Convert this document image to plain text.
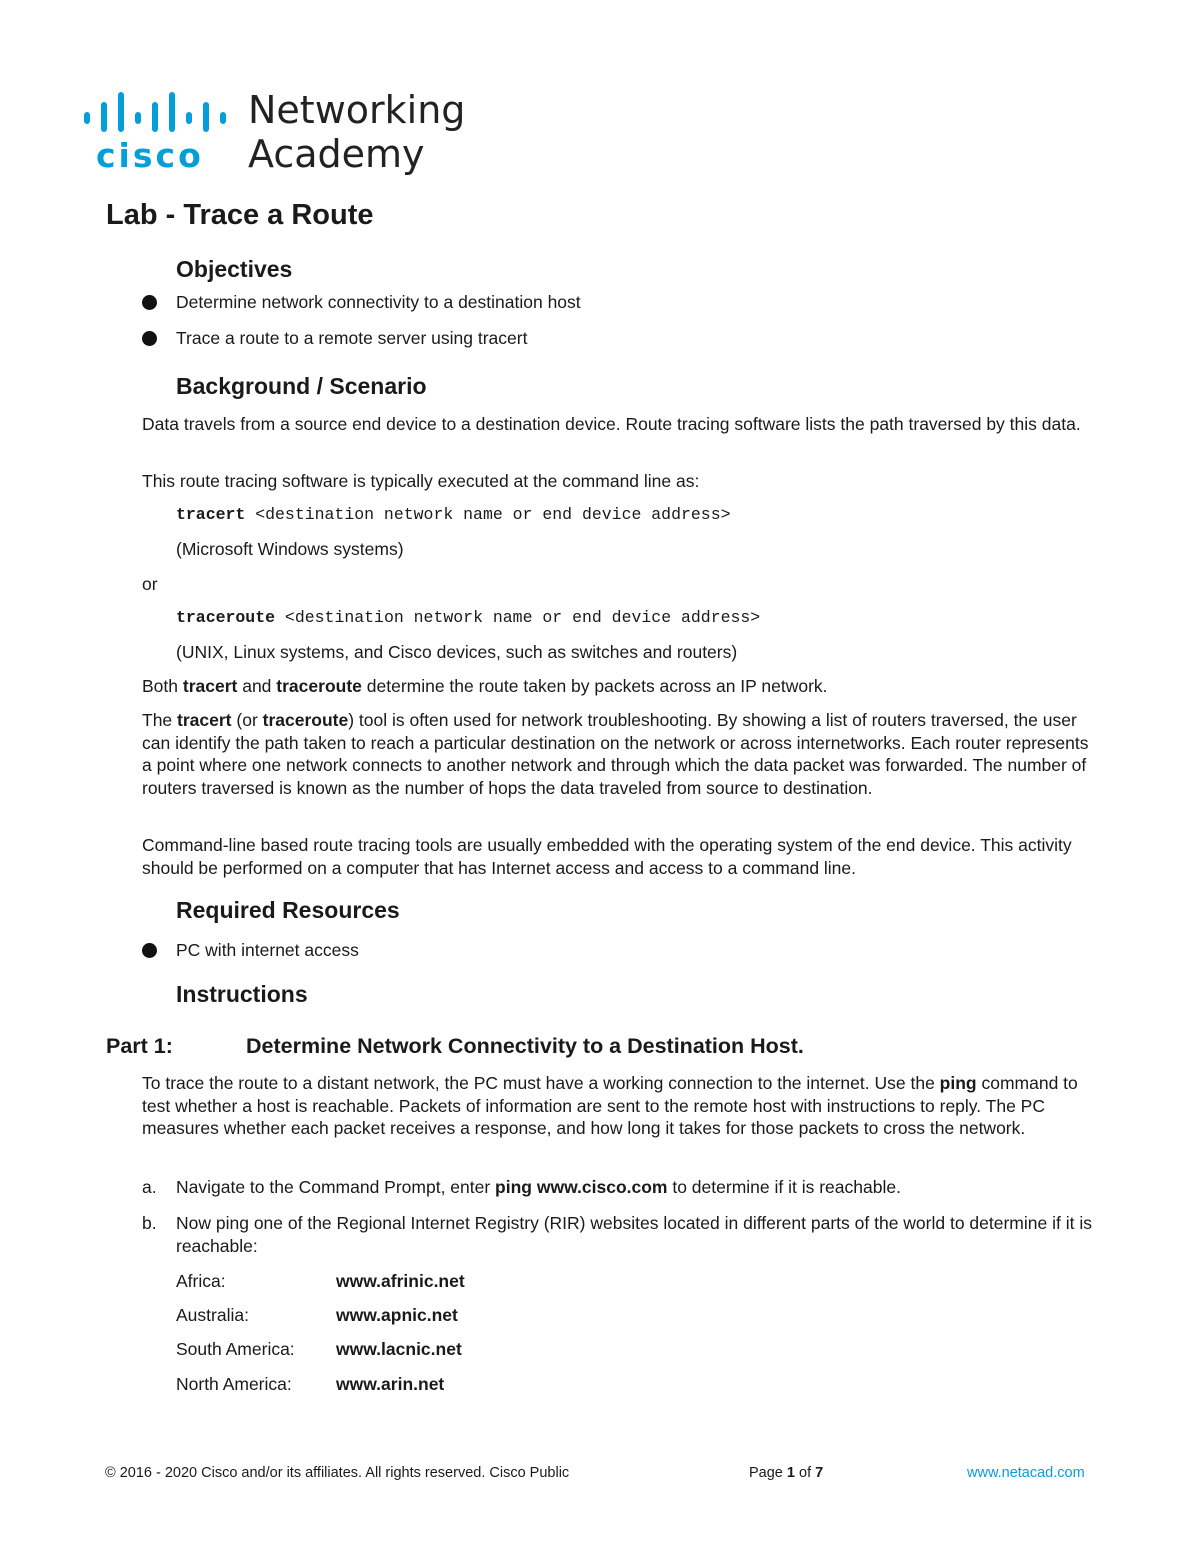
cisco
Networking
Academy
Lab - Trace a Route
Objectives
Determine network connectivity to a destination host
Trace a route to a remote server using tracert
Background / Scenario

Data travels from a source end device to a destination device. Route tracing software lists the path traversed by this data.

This route tracing software is typically executed at the command line as:

tracert <destination network name or end device address>

(Microsoft Windows systems)

or

traceroute <destination network name or end device address>

(UNIX, Linux systems, and Cisco devices, such as switches and routers)

Both tracert and traceroute determine the route taken by packets across an IP network.

The tracert (or traceroute) tool is often used for network troubleshooting. By showing a list of routers traversed, the user can identify the path taken to reach a particular destination on the network or across internetworks. Each router represents a point where one network connects to another network and through which the data packet was forwarded. The number of routers traversed is known as the number of hops the data traveled from source to destination.

Command-line based route tracing tools are usually embedded with the operating system of the end device. This activity should be performed on a computer that has Internet access and access to a command line.

Required Resources
PC with internet access
Instructions
Part 1:	Determine Network Connectivity to a Destination Host.

To trace the route to a distant network, the PC must have a working connection to the internet. Use the ping command to test whether a host is reachable. Packets of information are sent to the remote host with instructions to reply. The PC measures whether each packet receives a response, and how long it takes for those packets to cross the network.

a.	Navigate to the Command Prompt, enter ping www.cisco.com to determine if it is reachable.
b.	Now ping one of the Regional Internet Registry (RIR) websites located in different parts of the world to determine if it is reachable:
Africa:	www.afrinic.net
Australia:	www.apnic.net
South America:	www.lacnic.net
North America:	www.arin.net
© 2016 - 2020 Cisco and/or its affiliates. All rights reserved. Cisco Public	Page 1 of 7	www.netacad.com
